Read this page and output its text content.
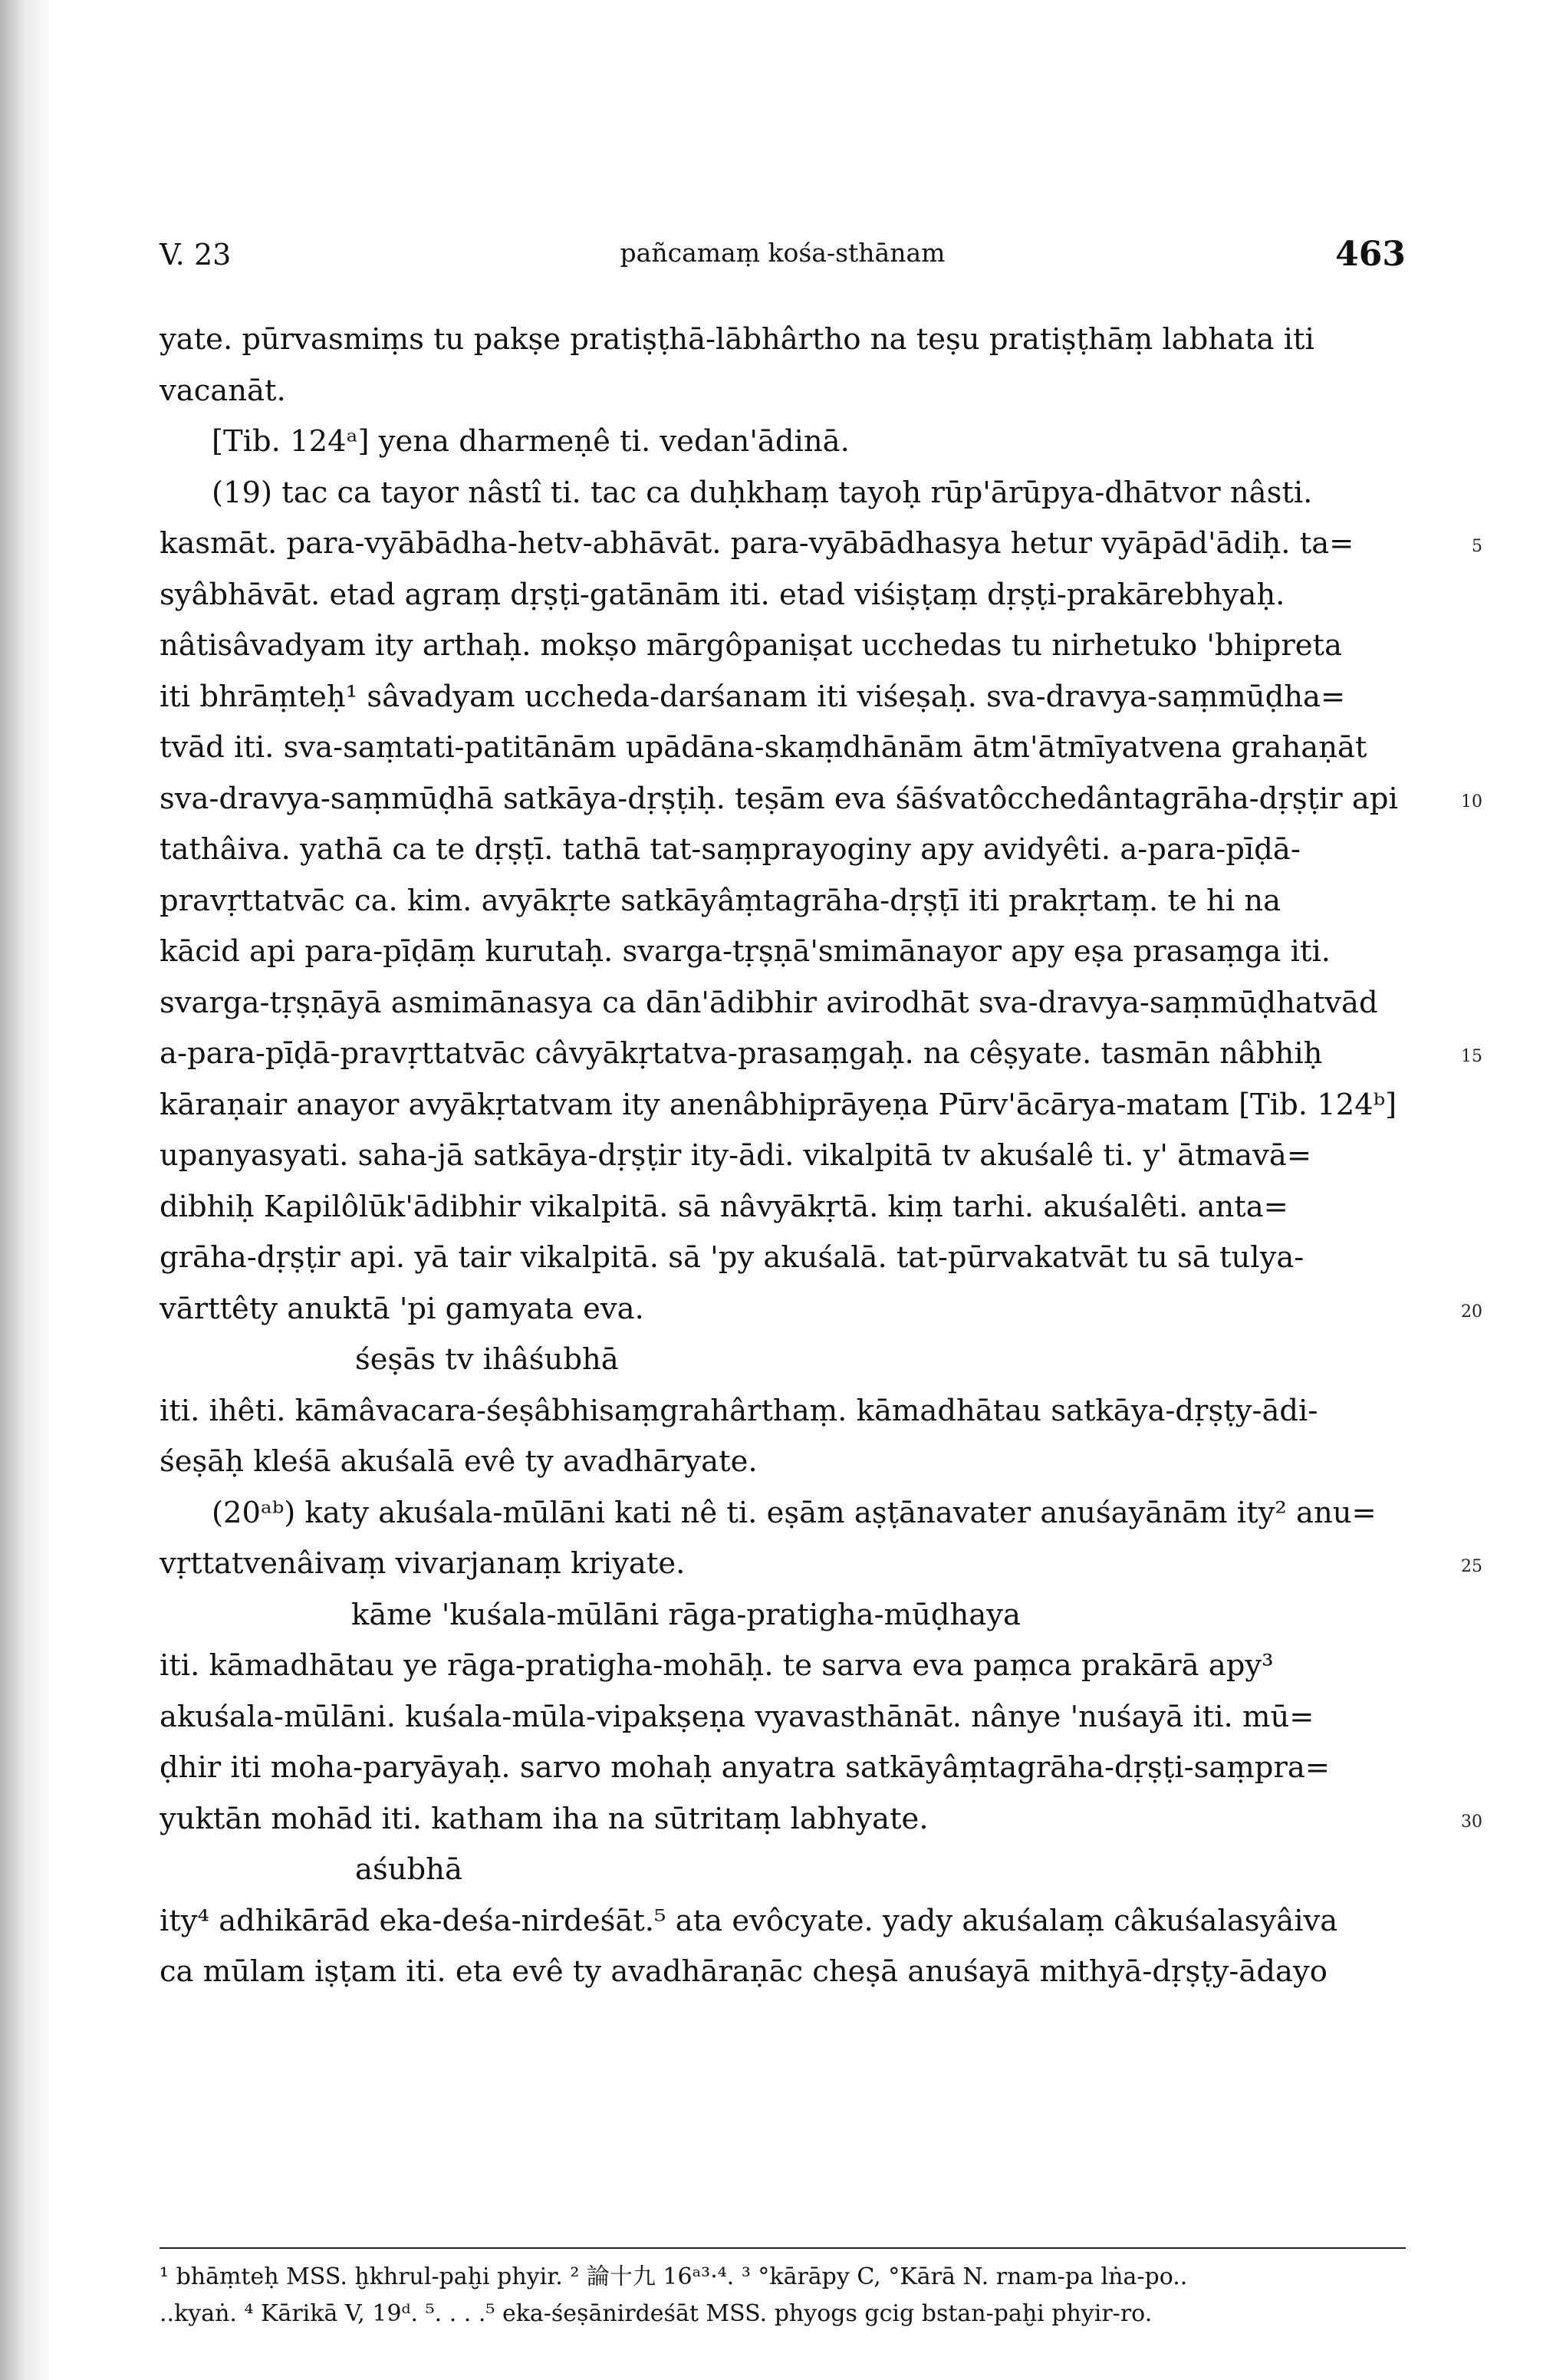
V. 23	pañcamaṃ kośa-sthānam	463
yate. pūrvasmiṃs tu pakṣe pratiṣṭhā-lābhârtho na teṣu pratiṣṭhāṃ labhata iti
vacanāt.
[Tib. 124ᵃ] yena dharmeṇê ti. vedan'ādinā.
(19) tac ca tayor nâstî ti. tac ca duḥkhaṃ tayoḥ rūp'ārūpya-dhātvor nâsti.
kasmāt. para-vyābādha-hetv-abhāvāt. para-vyābādhasya hetur vyāpād'ādiḥ. ta=	5
syâbhāvāt. etad agraṃ dṛṣṭi-gatānām iti. etad viśiṣṭaṃ dṛṣṭi-prakārebhyaḥ.
nâtisâvadyam ity arthaḥ. mokṣo mārgôpaniṣat ucchedas tu nirhetuko 'bhipreta
iti bhrāṃteḥ¹ sâvadyam uccheda-darśanam iti viśeṣaḥ. sva-dravya-saṃmūḍha=
tvād iti. sva-saṃtati-patitānām upādāna-skaṃdhānām ātm'ātmīyatvena grahaṇāt
sva-dravya-saṃmūḍhā satkāya-dṛṣṭiḥ. teṣām eva śāśvatôcchedântagrāha-dṛṣṭir api	10
tathâiva. yathā ca te dṛṣṭī. tathā tat-saṃprayoginy apy avidyêti. a-para-pīḍā-
pravṛttatvāc ca. kim. avyākṛte satkāyâṃtagrāha-dṛṣṭī iti prakṛtaṃ. te hi na
kācid api para-pīḍāṃ kurutaḥ. svarga-tṛṣṇā'smimānayor apy eṣa prasaṃga iti.
svarga-tṛṣṇāyā asmimānasya ca dān'ādibhir avirodhāt sva-dravya-saṃmūḍhatvād
a-para-pīḍā-pravṛttatvāc câvyākṛtatva-prasaṃgaḥ. na cêṣyate. tasmān nâbhiḥ	15
kāraṇair anayor avyākṛtatvam ity anenâbhiprāyeṇa Pūrv'ācārya-matam [Tib. 124ᵇ]
upanyasyati. saha-jā satkāya-dṛṣṭir ity-ādi. vikalpitā tv akuśalê ti. y' ātmavā=
dibhiḥ Kapilôlūk'ādibhir vikalpitā. sā nâvyākṛtā. kiṃ tarhi. akuśalêti. anta=
grāha-dṛṣṭir api. yā tair vikalpitā. sā 'py akuśalā. tat-pūrvakatvāt tu sā tulya-
vārttêty anuktā 'pi gamyata eva.	20
śeṣās tv ihâśubhā
iti. ihêti. kāmâvacara-śeṣâbhisaṃgrahârthaṃ. kāmadhātau satkāya-dṛṣṭy-ādi-
śeṣāḥ kleśā akuśalā evê ty avadhāryate.
(20ᵃᵇ) katy akuśala-mūlāni kati nê ti. eṣām aṣṭānavater anuśayānām ity² anu=
vṛttatvenâivaṃ vivarjanaṃ kriyate.	25
kāme 'kuśala-mūlāni rāga-pratigha-mūḍhaya
iti. kāmadhātau ye rāga-pratigha-mohāḥ. te sarva eva paṃca prakārā apy³
akuśala-mūlāni. kuśala-mūla-vipakṣeṇa vyavasthānāt. nânye 'nuśayā iti. mū=
ḍhir iti moha-paryāyaḥ. sarvo mohaḥ anyatra satkāyâṃtagrāha-dṛṣṭi-saṃpra=
yuktān mohād iti. katham iha na sūtritaṃ labhyate.	30
aśubhā
ity⁴ adhikārād eka-deśa-nirdeśāt.⁵ ata evôcyate. yady akuśalaṃ câkuśalasyâiva
ca mūlam iṣṭam iti. eta evê ty avadhāraṇāc cheṣā anuśayā mithyā-dṛṣṭy-ādayo
¹ bhāṃteḥ MSS. ḫkhrul-paḫi phyir. ² 論十九 16ᵃ³·⁴. ³ °kārāpy C, °Kārā N. rnam-pa lṅa-po..
..kyaṅ. ⁴ Kārikā V, 19ᵈ. ⁵. . . .⁵ eka-śeṣānirdeśāt MSS. phyogs gcig bstan-paḫi phyir-ro.
